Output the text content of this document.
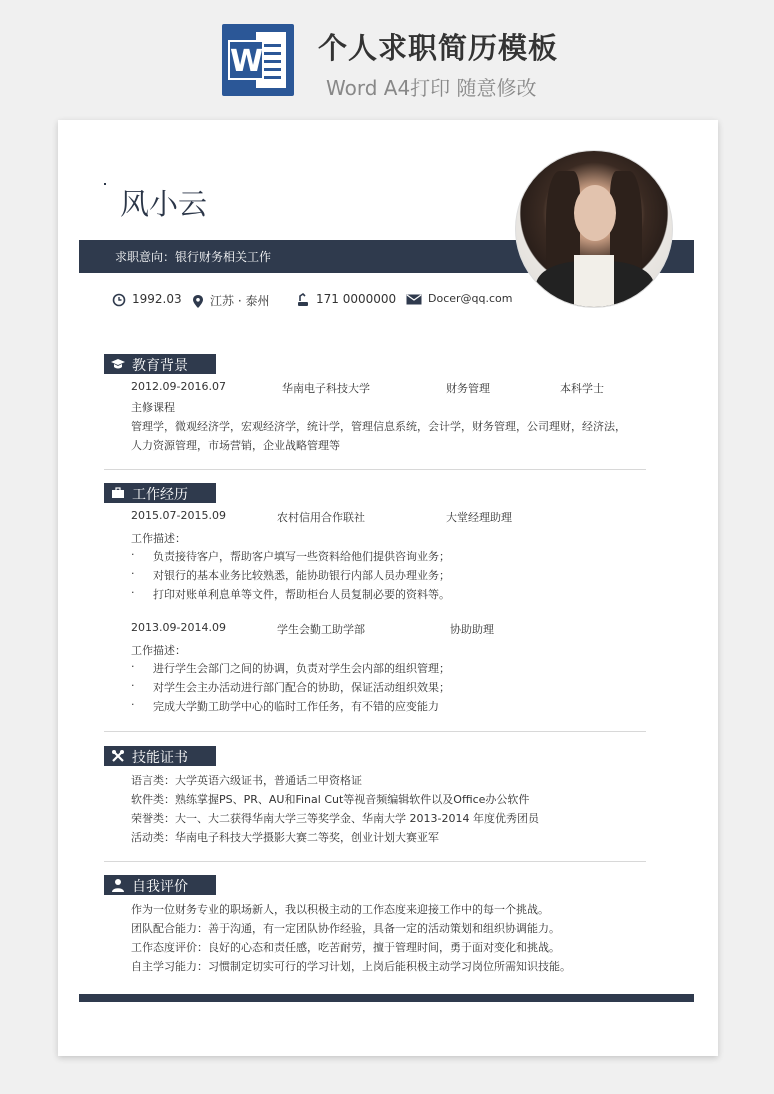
W 个人求职简历模板
Word A4打印 随意修改
风小云
求职意向：银行财务相关工作
1992.03	江苏 · 泰州	171 0000000	Docer@qq.com
教育背景
2012.09-2016.07	华南电子科技大学	财务管理	本科学士
主修课程
管理学，微观经济学，宏观经济学，统计学，管理信息系统，会计学，财务管理，公司理财，经济法，
人力资源管理，市场营销，企业战略管理等
工作经历
2015.07-2015.09	农村信用合作联社	大堂经理助理
工作描述：
· 负责接待客户，帮助客户填写一些资料给他们提供咨询业务；
· 对银行的基本业务比较熟悉，能协助银行内部人员办理业务；
· 打印对账单利息单等文件，帮助柜台人员复制必要的资料等。
2013.09-2014.09	学生会勤工助学部	协助助理
工作描述：
· 进行学生会部门之间的协调，负责对学生会内部的组织管理；
· 对学生会主办活动进行部门配合的协助，保证活动组织效果；
· 完成大学勤工助学中心的临时工作任务，有不错的应变能力
技能证书
语言类：大学英语六级证书，普通话二甲资格证
软件类：熟练掌握PS、PR、AU和Final Cut等视音频编辑软件以及Office办公软件
荣誉类：大一、大二获得华南大学三等奖学金、华南大学 2013-2014 年度优秀团员
活动类：华南电子科技大学摄影大赛二等奖，创业计划大赛亚军
自我评价
作为一位财务专业的职场新人，我以积极主动的工作态度来迎接工作中的每一个挑战。
团队配合能力：善于沟通，有一定团队协作经验，具备一定的活动策划和组织协调能力。
工作态度评价：良好的心态和责任感，吃苦耐劳，擅于管理时间，勇于面对变化和挑战。
自主学习能力：习惯制定切实可行的学习计划，上岗后能积极主动学习岗位所需知识技能。
